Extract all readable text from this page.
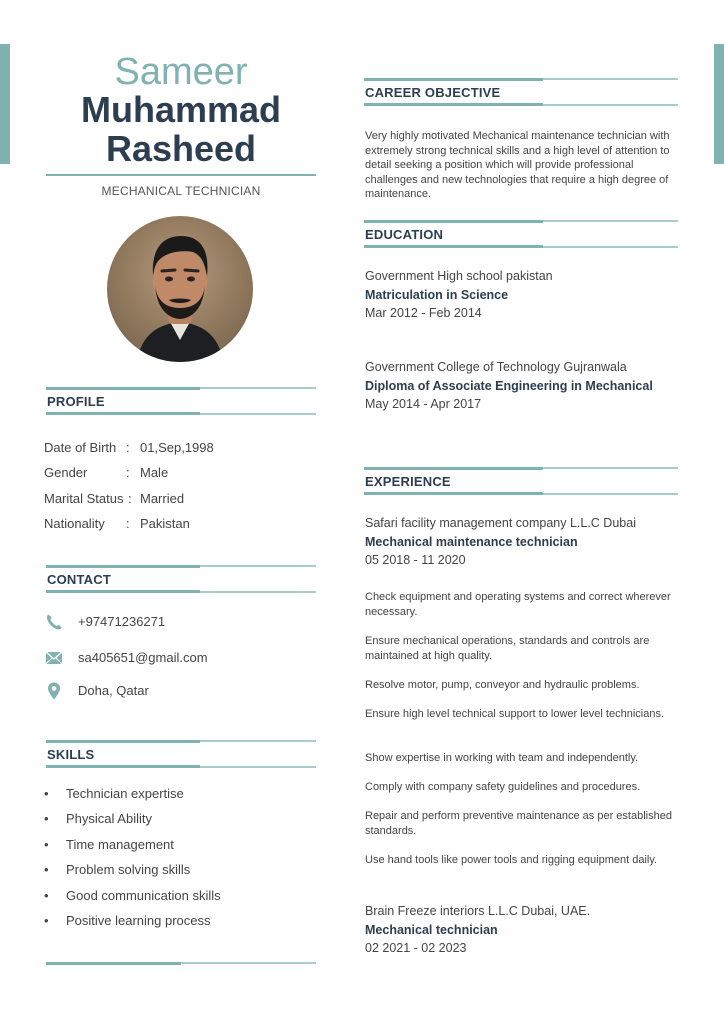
Sameer
Muhammad
Rasheed
MECHANICAL TECHNICIAN
PROFILE
Date of Birth : 01,Sep,1998
Gender	: Male
Marital Status : Married
Nationality : Pakistan
CONTACT
+97471236271
sa405651@gmail.com
Doha, Qatar
SKILLS
• Technician expertise
• Physical Ability
• Time management
• Problem solving skills
• Good communication skills
• Positive learning process
CAREER OBJECTIVE
Very highly motivated Mechanical maintenance technician with extremely strong technical skills and a high level of attention to detail seeking a position which will provide professional challenges and new technologies that require a high degree of maintenance.
EDUCATION
Government High school pakistan
Matriculation in Science
Mar 2012 - Feb 2014
Government College of Technology Gujranwala
Diploma of Associate Engineering in Mechanical
May 2014 - Apr 2017
EXPERIENCE
Safari facility management company L.L.C Dubai
Mechanical maintenance technician
05 2018 - 11 2020
Check equipment and operating systems and correct wherever necessary.
Ensure mechanical operations, standards and controls are maintained at high quality.
Resolve motor, pump, conveyor and hydraulic problems.
Ensure high level technical support to lower level technicians.
Show expertise in working with team and independently.
Comply with company safety guidelines and procedures.
Repair and perform preventive maintenance as per established standards.
Use hand tools like power tools and rigging equipment daily.
Brain Freeze interiors L.L.C Dubai, UAE.
Mechanical technician
02 2021 - 02 2023
